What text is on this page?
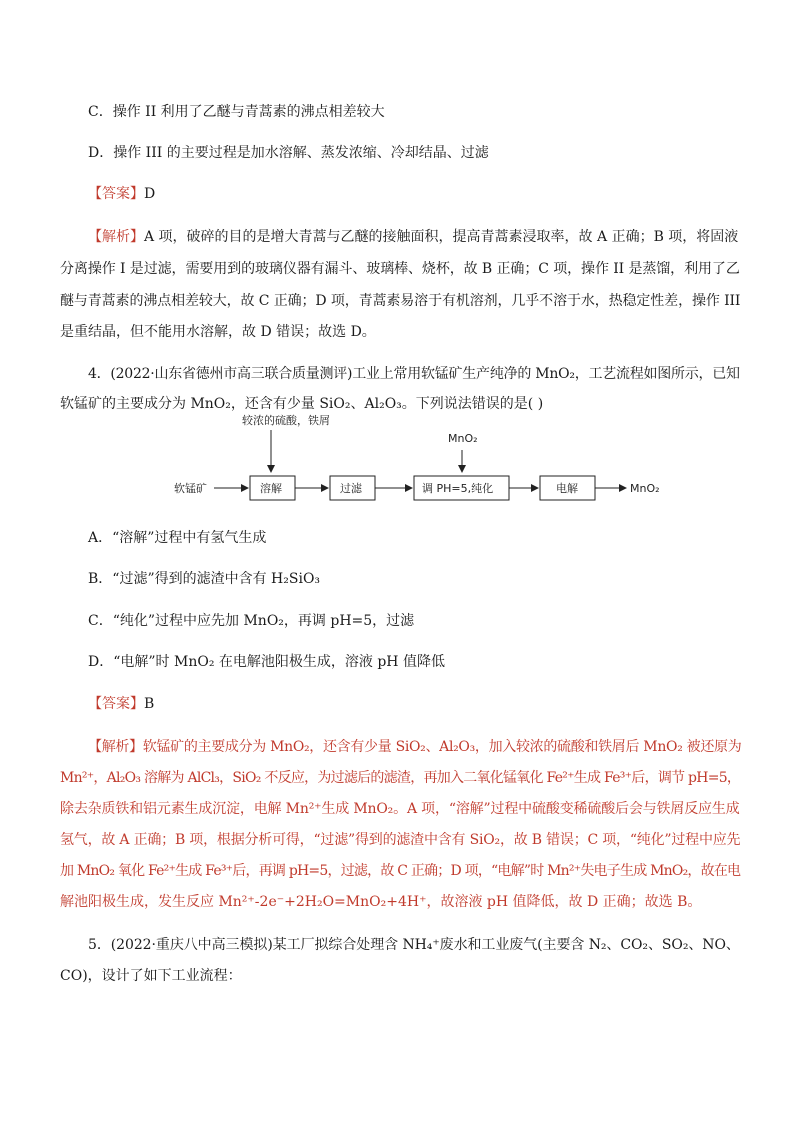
C．操作 II 利用了乙醚与青蒿素的沸点相差较大
D．操作 III 的主要过程是加水溶解、蒸发浓缩、冷却结晶、过滤
【答案】D
【解析】A 项，破碎的目的是增大青蒿与乙醚的接触面积，提高青蒿素浸取率，故 A 正确；B 项，将固液
分离操作 I 是过滤，需要用到的玻璃仪器有漏斗、玻璃棒、烧杯，故 B 正确；C 项，操作 II 是蒸馏，利用了乙
醚与青蒿素的沸点相差较大，故 C 正确；D 项，青蒿素易溶于有机溶剂，几乎不溶于水，热稳定性差，操作 III
是重结晶，但不能用水溶解，故 D 错误；故选 D。
4．(2022·山东省德州市高三联合质量测评)工业上常用软锰矿生产纯净的 MnO₂，工艺流程如图所示，已知
软锰矿的主要成分为 MnO₂，还含有少量 SiO₂、Al₂O₃。下列说法错误的是( )
较浓的硫酸，铁屑
MnO₂
软锰矿	溶解	过滤	调 PH=5,纯化	电解	MnO₂
A．“溶解”过程中有氢气生成
B．“过滤”得到的滤渣中含有 H₂SiO₃
C．“纯化”过程中应先加 MnO₂，再调 pH=5，过滤
D．“电解”时 MnO₂ 在电解池阳极生成，溶液 pH 值降低
【答案】B
【解析】软锰矿的主要成分为 MnO₂，还含有少量 SiO₂、Al₂O₃，加入较浓的硫酸和铁屑后 MnO₂ 被还原为
Mn²⁺，Al₂O₃ 溶解为 AlCl₃，SiO₂ 不反应，为过滤后的滤渣，再加入二氧化锰氧化 Fe²⁺生成 Fe³⁺后，调节 pH=5，
除去杂质铁和铝元素生成沉淀，电解 Mn²⁺生成 MnO₂。A 项，“溶解”过程中硫酸变稀硫酸后会与铁屑反应生成
氢气，故 A 正确；B 项，根据分析可得，“过滤”得到的滤渣中含有 SiO₂，故 B 错误；C 项，“纯化”过程中应先
加 MnO₂ 氧化 Fe²⁺生成 Fe³⁺后，再调 pH=5，过滤，故 C 正确；D 项，“电解”时 Mn²⁺失电子生成 MnO₂，故在电
解池阳极生成，发生反应 Mn²⁺-2e⁻+2H₂O=MnO₂+4H⁺，故溶液 pH 值降低，故 D 正确；故选 B。
5．(2022·重庆八中高三模拟)某工厂拟综合处理含 NH₄⁺废水和工业废气(主要含 N₂、CO₂、SO₂、NO、
CO)，设计了如下工业流程：
